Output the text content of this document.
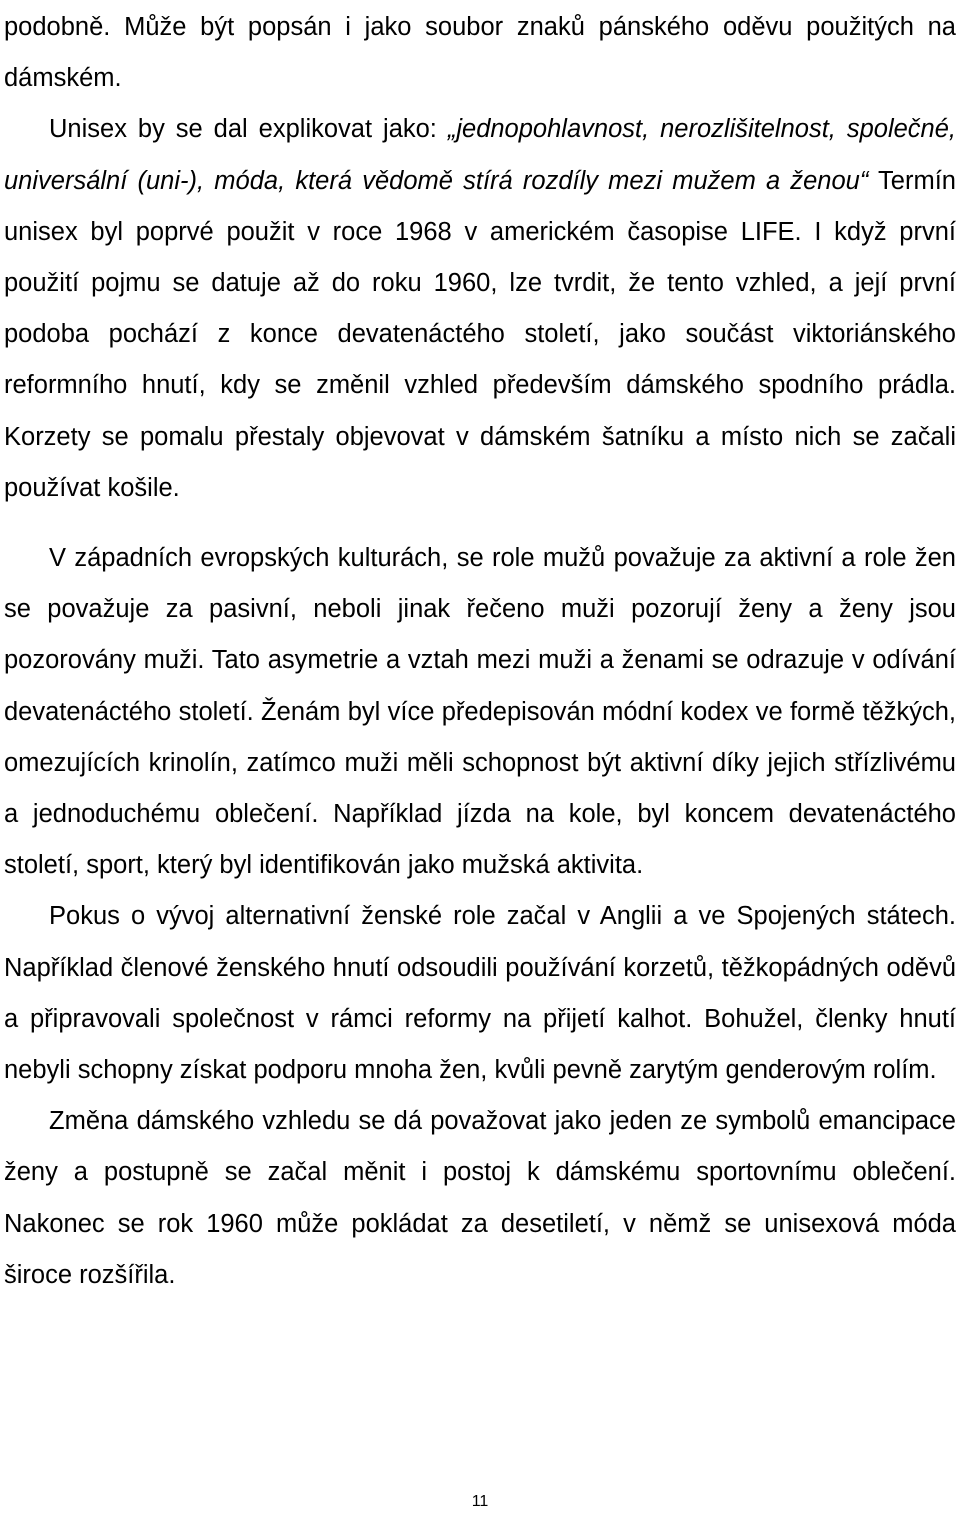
podobně. Může být popsán i jako soubor znaků pánského oděvu použitých na dámském.

Unisex by se dal explikovat jako: „jednopohlavnost, nerozlišitelnost, společné, universální (uni-), móda, která vědomě stírá rozdíly mezi mužem a ženou“ Termín unisex byl poprvé použit v roce 1968 v americkém časopise LIFE. I když první použití pojmu se datuje až do roku 1960, lze tvrdit, že tento vzhled, a její první podoba pochází z konce devatenáctého století, jako součást viktoriánského reformního hnutí, kdy se změnil vzhled především dámského spodního prádla. Korzety se pomalu přestaly objevovat v dámském šatníku a místo nich se začali používat košile.

V západních evropských kulturách, se role mužů považuje za aktivní a role žen se považuje za pasivní, neboli jinak řečeno muži pozorují ženy a ženy jsou pozorovány muži. Tato asymetrie a vztah mezi muži a ženami se odrazuje v odívání devatenáctého století. Ženám byl více předepisován módní kodex ve formě těžkých, omezujících krinolín, zatímco muži měli schopnost být aktivní díky jejich střízlivému a jednoduchému oblečení. Například jízda na kole, byl koncem devatenáctého století, sport, který byl identifikován jako mužská aktivita.

Pokus o vývoj alternativní ženské role začal v Anglii a ve Spojených státech. Například členové ženského hnutí odsoudili používání korzetů, těžkopádných oděvů a připravovali společnost v rámci reformy na přijetí kalhot. Bohužel, členky hnutí nebyli schopny získat podporu mnoha žen, kvůli pevně zarytým genderovým rolím.

Změna dámského vzhledu se dá považovat jako jeden ze symbolů emancipace ženy a postupně se začal měnit i postoj k dámskému sportovnímu oblečení. Nakonec se rok 1960 může pokládat za desetiletí, v němž se unisexová móda široce rozšířila.

11
